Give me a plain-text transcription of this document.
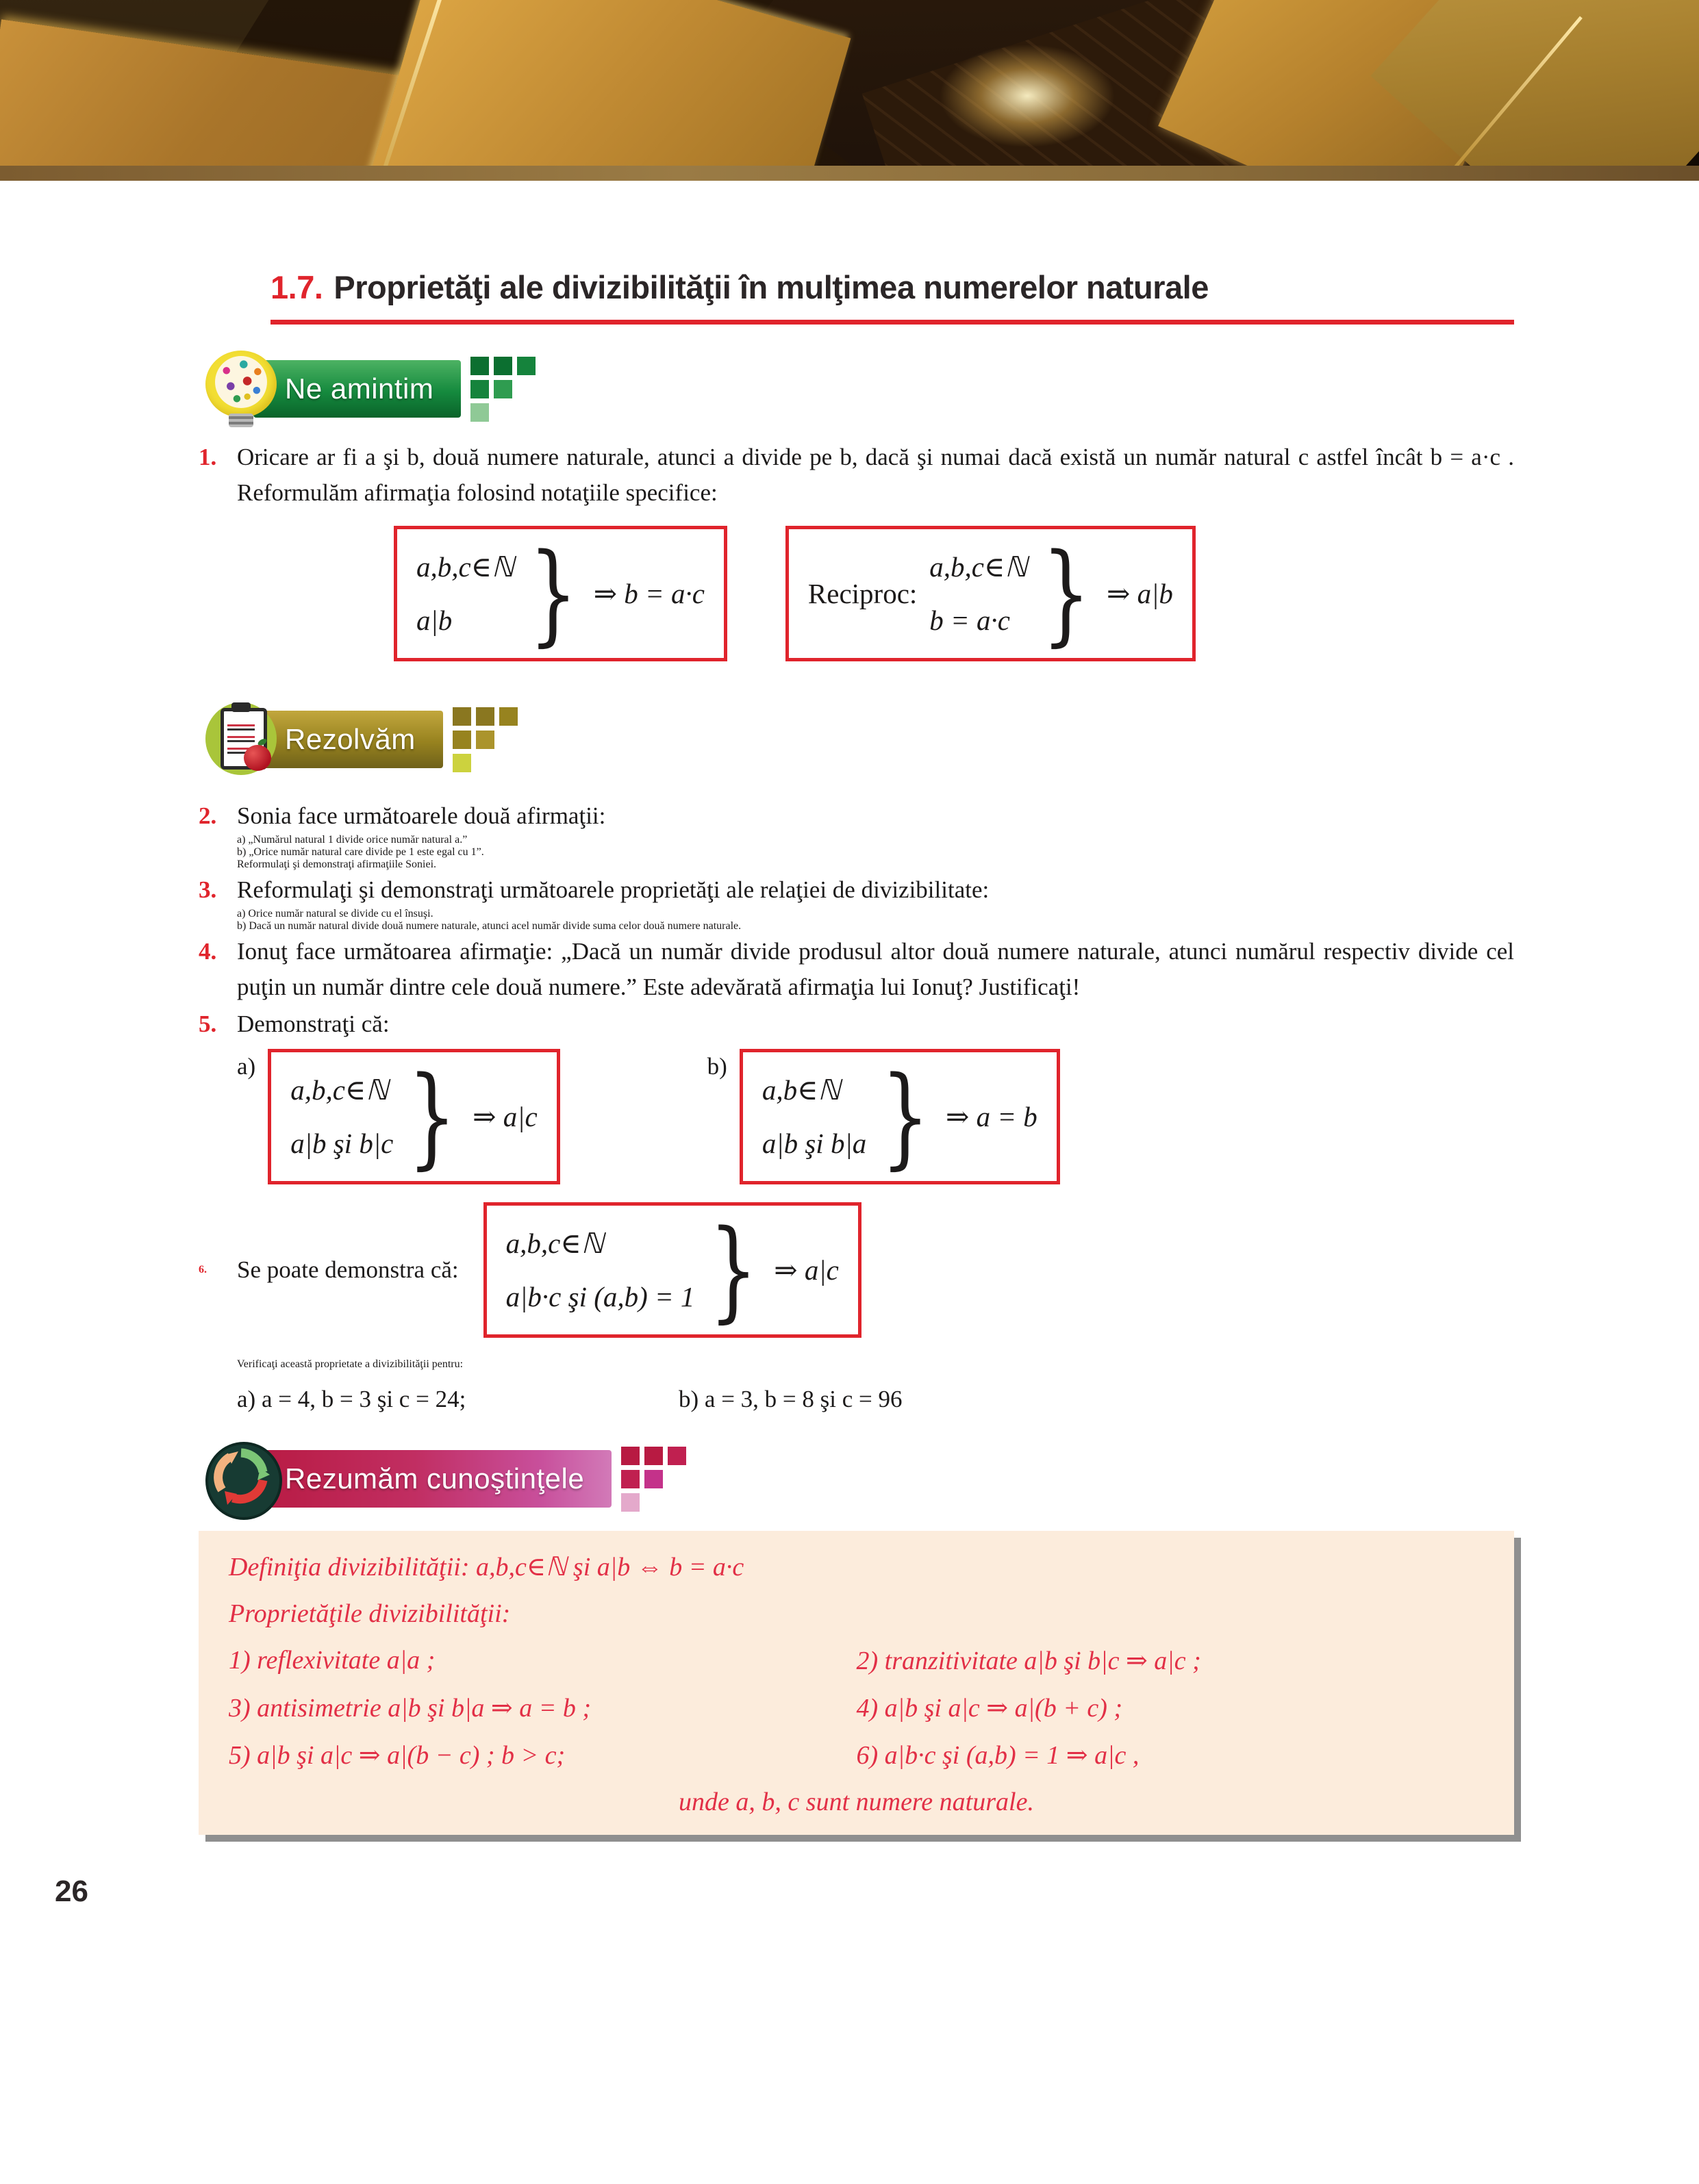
1.7. Proprietăţi ale divizibilităţii în mulţimea numerelor naturale
Ne amintim
1. Oricare ar fi a şi b, două numere naturale, atunci a divide pe b, dacă şi numai dacă există un număr natural c astfel încât b = a·c . Reformulăm afirmaţia folosind notaţiile specifice:
a,b,c∈ℕ
a|b } ⇒ b = a·c	Reciproc:
a,b,c∈ℕ
b = a·c } ⇒ a|b
Rezolvăm
2. Sonia face următoarele două afirmaţii:

a) „Numărul natural 1 divide orice număr natural a.”

b) „Orice număr natural care divide pe 1 este egal cu 1”.

Reformulaţi şi demonstraţi afirmaţiile Soniei.

3. Reformulaţi şi demonstraţi următoarele proprietăţi ale relaţiei de divizibilitate:

a) Orice număr natural se divide cu el însuşi.

b) Dacă un număr natural divide două numere naturale, atunci acel număr divide suma celor două numere naturale.

4. Ionuţ face următoarea afirmaţie: „Dacă un număr divide produsul altor două numere naturale, atunci numărul respectiv divide cel puţin un număr dintre cele două numere.” Este adevărată afirmaţia lui Ionuţ? Justificaţi!
5. Demonstraţi că:
a)
a,b,c∈ℕ
a|b şi b|c } ⇒ a|c
b)
a,b∈ℕ
a|b şi b|a } ⇒ a = b
6.	Se poate demonstra că:
a,b,c∈ℕ
a|b·c şi (a,b) = 1 } ⇒ a|c

Verificaţi această proprietate a divizibilităţii pentru:

a) a = 4, b = 3 şi c = 24;	b) a = 3, b = 8 şi c = 96
Rezumăm cunoştinţele
Definiţia divizibilităţii: a,b,c∈ℕ şi a|b ⇔ b = a·c
Proprietăţile divizibilităţii:
1) reflexivitate a|a ;	2) tranzitivitate a|b şi b|c ⇒ a|c ;
3) antisimetrie a|b şi b|a ⇒ a = b ;	4) a|b şi a|c ⇒ a|(b + c) ;
5) a|b şi a|c ⇒ a|(b − c) ; b > c;	6) a|b·c şi (a,b) = 1 ⇒ a|c ,
unde a, b, c sunt numere naturale.
26
